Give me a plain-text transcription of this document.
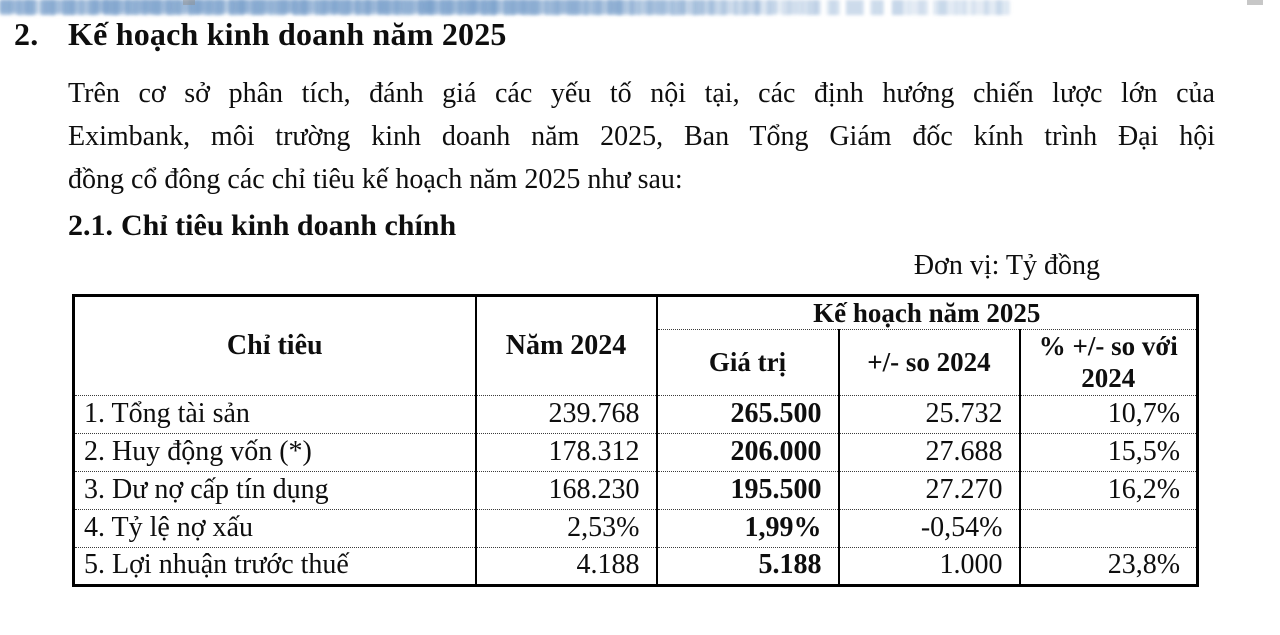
2. Kế hoạch kinh doanh năm 2025
Trên cơ sở phân tích, đánh giá các yếu tố nội tại, các định hướng chiến lược lớn của
Eximbank, môi trường kinh doanh năm 2025, Ban Tổng Giám đốc kính trình Đại hội
đồng cổ đông các chỉ tiêu kế hoạch năm 2025 như sau:
2.1. Chỉ tiêu kinh doanh chính
Đơn vị: Tỷ đồng
Chỉ tiêu	Năm 2024	Kế hoạch năm 2025		
		Giá trị	+/- so 2024	% +/- so với 2024
1. Tổng tài sản	239.768	265.500	25.732	10,7%
2. Huy động vốn (*)	178.312	206.000	27.688	15,5%
3. Dư nợ cấp tín dụng	168.230	195.500	27.270	16,2%
4. Tỷ lệ nợ xấu	2,53%	1,99%	-0,54%	
5. Lợi nhuận trước thuế	4.188	5.188	1.000	23,8%
